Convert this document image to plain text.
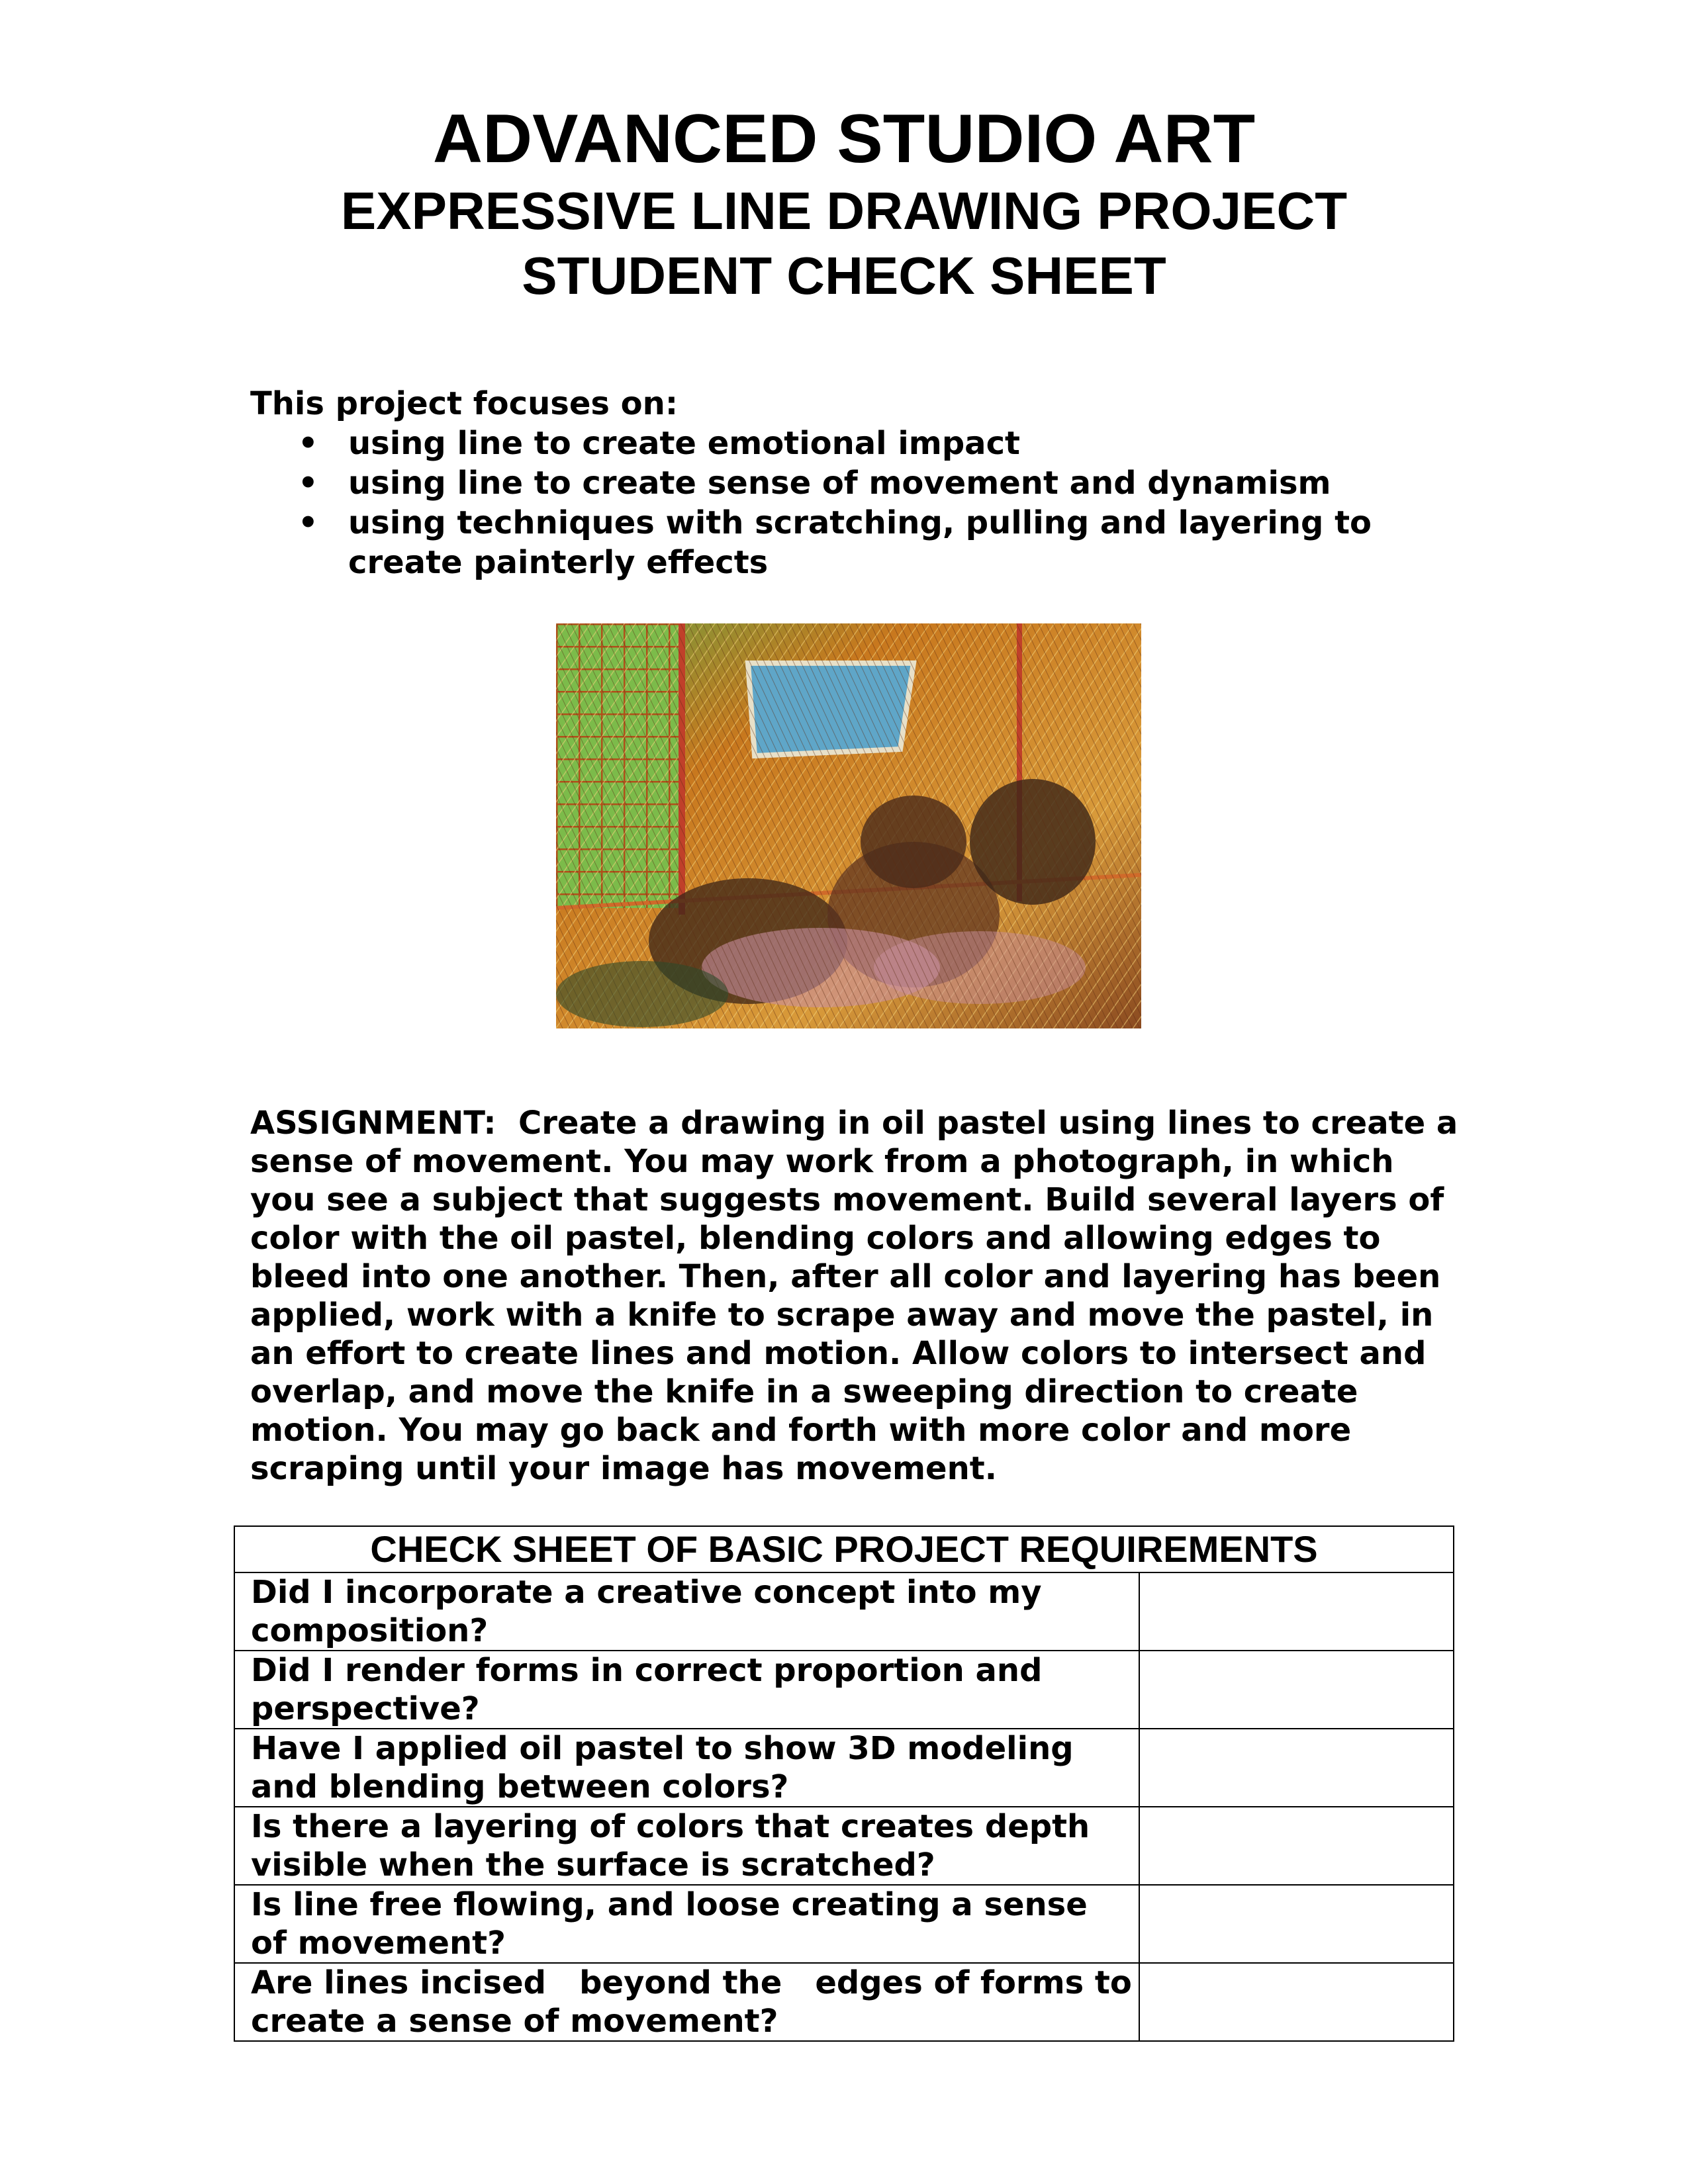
ADVANCED STUDIO ART
EXPRESSIVE LINE DRAWING PROJECT
STUDENT CHECK SHEET
This project focuses on:
• using line to create emotional impact
• using line to create sense of movement and dynamism
• using techniques with scratching, pulling and layering to create painterly effects
ASSIGNMENT: Create a drawing in oil pastel using lines to create a sense of movement. You may work from a photograph, in which you see a subject that suggests movement. Build several layers of color with the oil pastel, blending colors and allowing edges to bleed into one another. Then, after all color and layering has been applied, work with a knife to scrape away and move the pastel, in an effort to create lines and motion. Allow colors to intersect and overlap, and move the knife in a sweeping direction to create motion. You may go back and forth with more color and more scraping until your image has movement.
CHECK SHEET OF BASIC PROJECT REQUIREMENTS	
Did I incorporate a creative concept into my composition?	
Did I render forms in correct proportion and perspective?	
Have I applied oil pastel to show 3D modeling and blending between colors?	
Is there a layering of colors that creates depth visible when the surface is scratched?	
Is line free flowing, and loose creating a sense of movement?	
Are lines incised   beyond the   edges of forms to create a sense of movement?	
